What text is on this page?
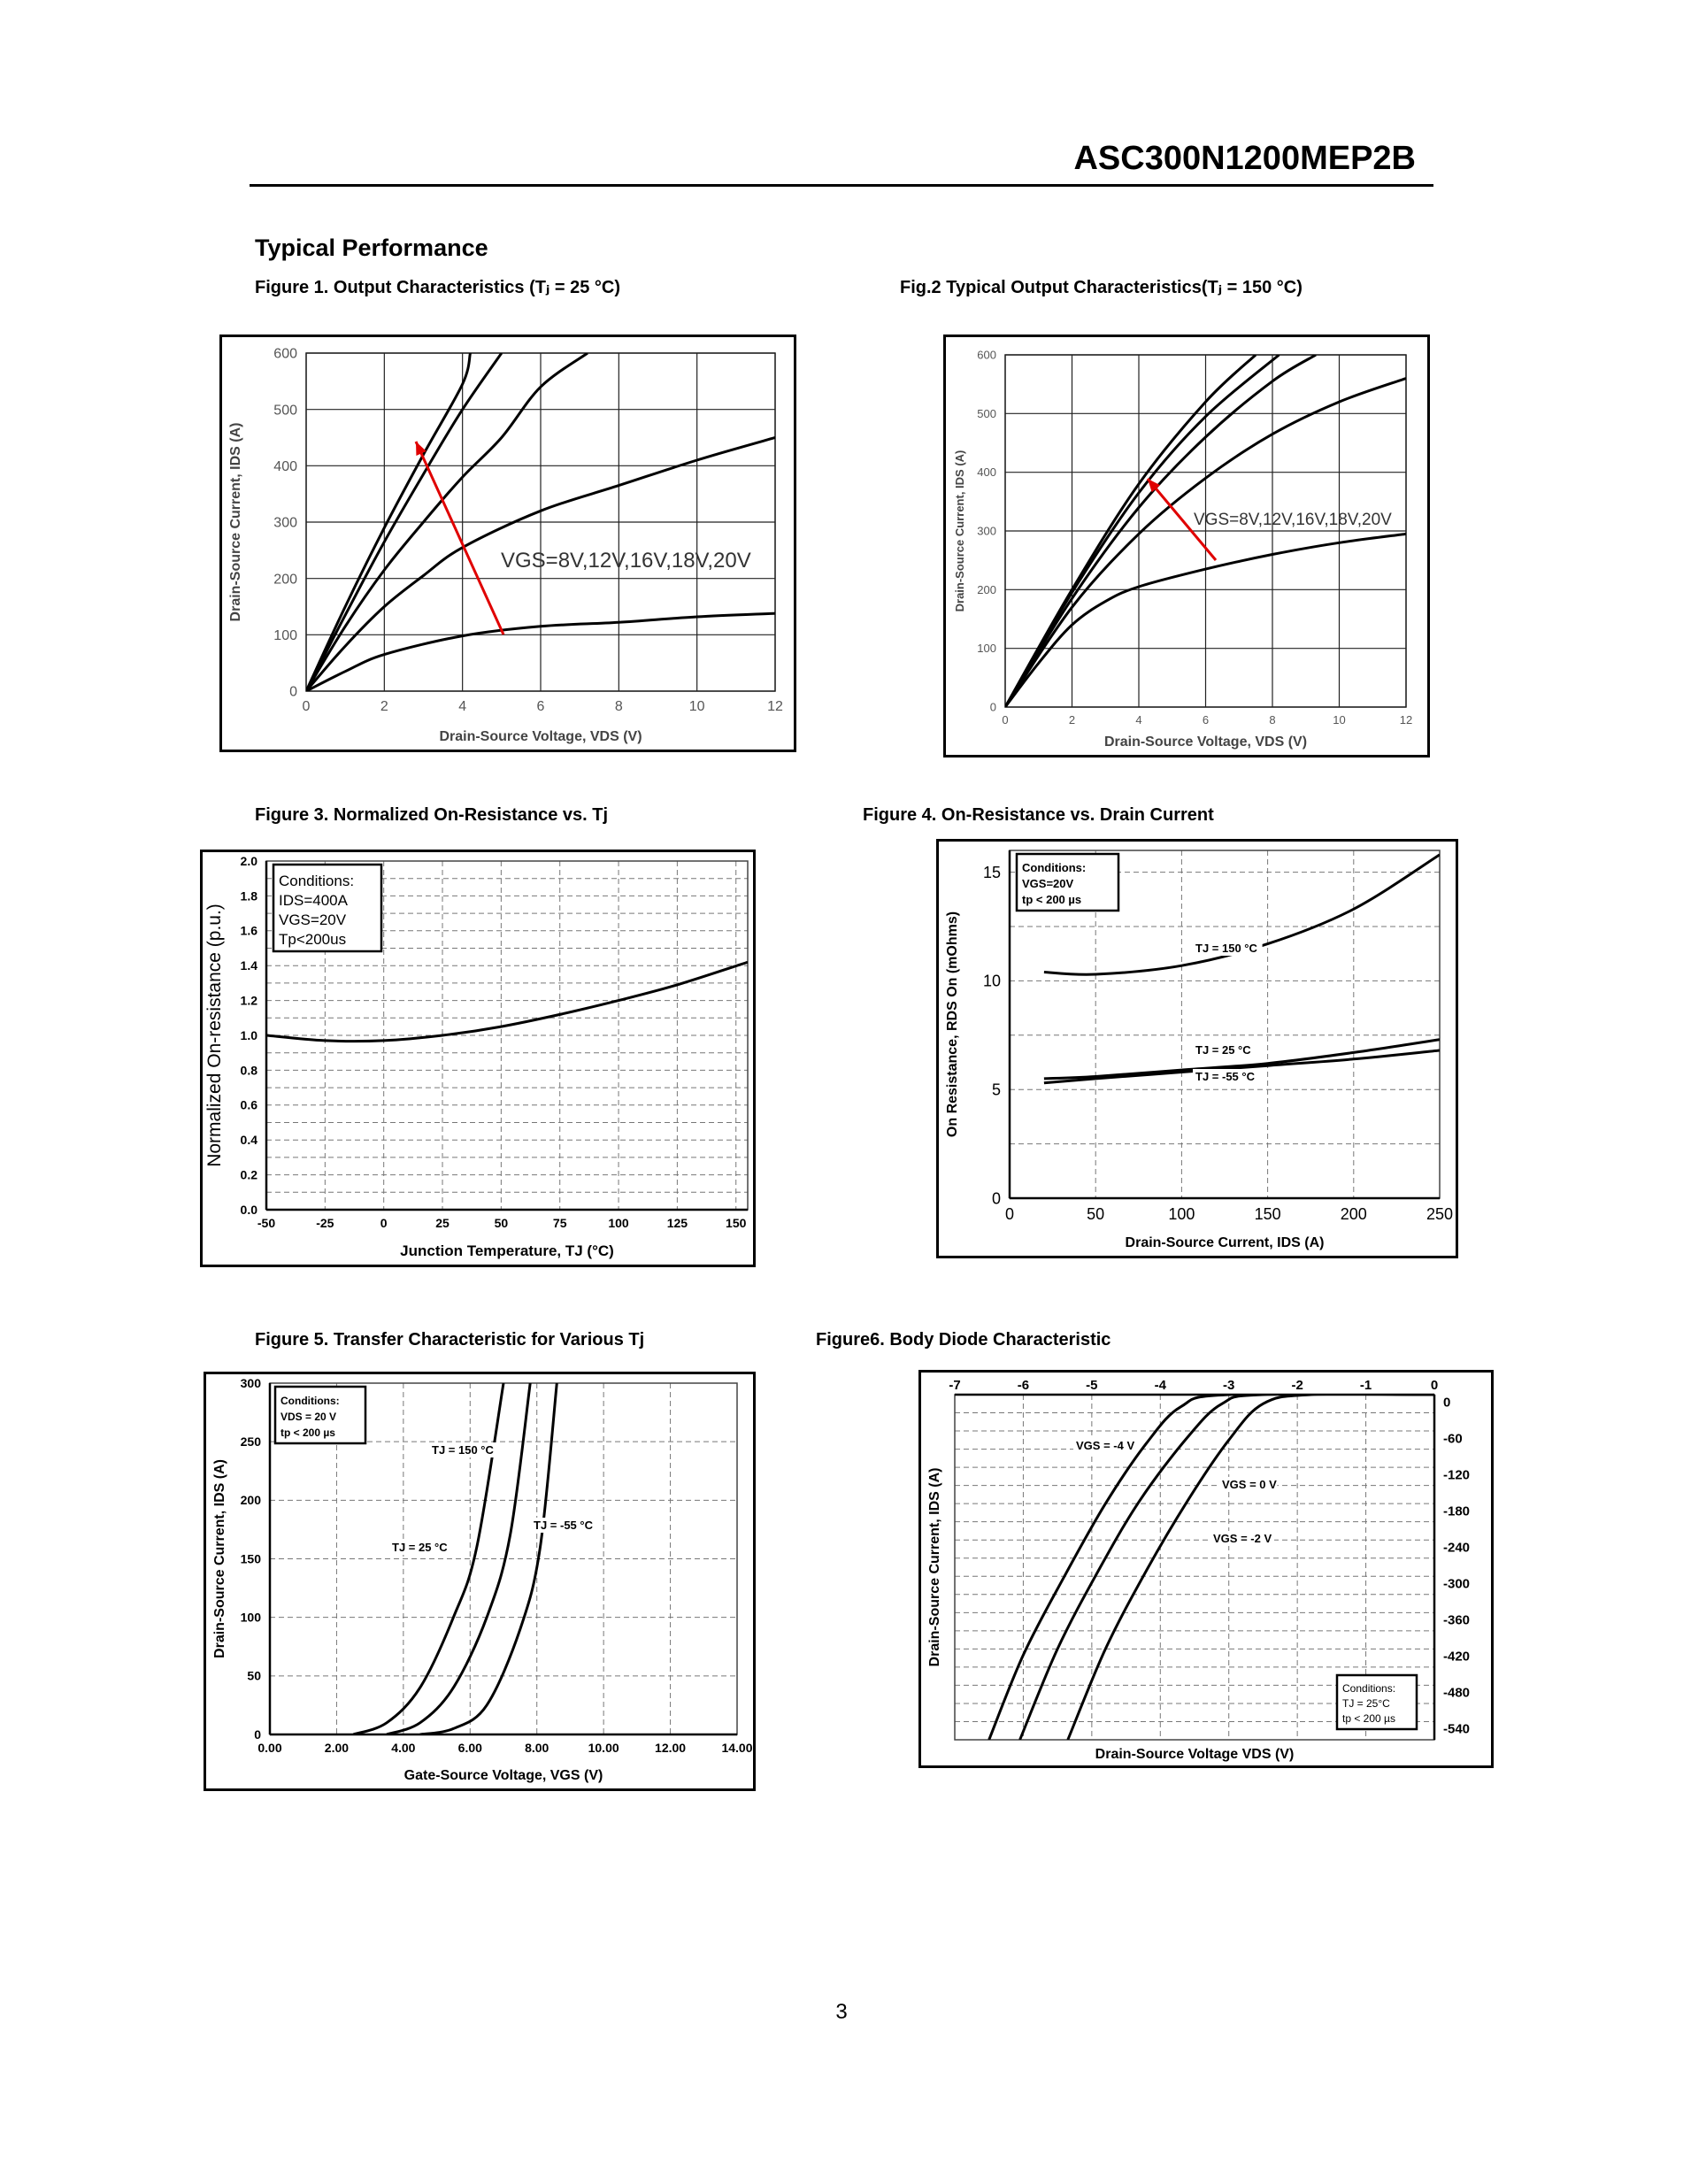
ASC300N1200MEP2B
Typical Performance
Figure 1. Output Characteristics (Tⱼ = 25 °C)	Fig.2 Typical Output Characteristics(Tⱼ = 150 °C)
Figure 3. Normalized On-Resistance vs. Tj	Figure 4. On-Resistance vs. Drain Current
Figure 5. Transfer Characteristic for Various Tj	Figure6. Body Diode Characteristic
0	2	4	6	8	10	12
0
100
200
300
400
500
600
Drain-Source Voltage, VDS (V)
Drain-Source Current, IDS (A)	VGS=8V,12V,16V,18V,20V
0	2	4	6	8	10	12
0
100
200
300
400
500
600
Drain-Source Voltage, VDS (V)
Drain-Source Current, IDS (A)	VGS=8V,12V,16V,18V,20V
-50	-25	0	25	50	75	100	125	150
0.0
0.2
0.4
0.6
0.8
1.0
1.2
1.4
1.6
1.8
2.0
Junction Temperature, TJ (°C)
Normalized On-resistance (p.u.)
Conditions:
IDS=400A
VGS=20V
Tp<200us
0	50	100	150	200	250
0
5
10
15
Drain-Source Current, IDS (A)
On Resistance, RDS On (mOhms)
Conditions:
VGS=20V
tp < 200 µs
TJ = 150 °C
TJ = 25 °C
TJ = -55 °C
0.00	2.00	4.00	6.00	8.00	10.00	12.00	14.00
0
50
100
150
200
250
300
Gate-Source Voltage, VGS (V)
Drain-Source Current, IDS (A)
Conditions:
VDS = 20 V
tp < 200 µs
TJ = 150 °C
TJ = 25 °C
TJ = -55 °C
-7	-6	-5	-4	-3	-2	-1	0
0
-60
-120
-180
-240
-300
-360
-420
-480
-540
Drain-Source Voltage VDS (V)
Drain-Source Current, IDS (A)
Conditions:
TJ = 25°C
tp < 200 µs
VGS = -4 V
VGS = 0 V
VGS = -2 V
3
